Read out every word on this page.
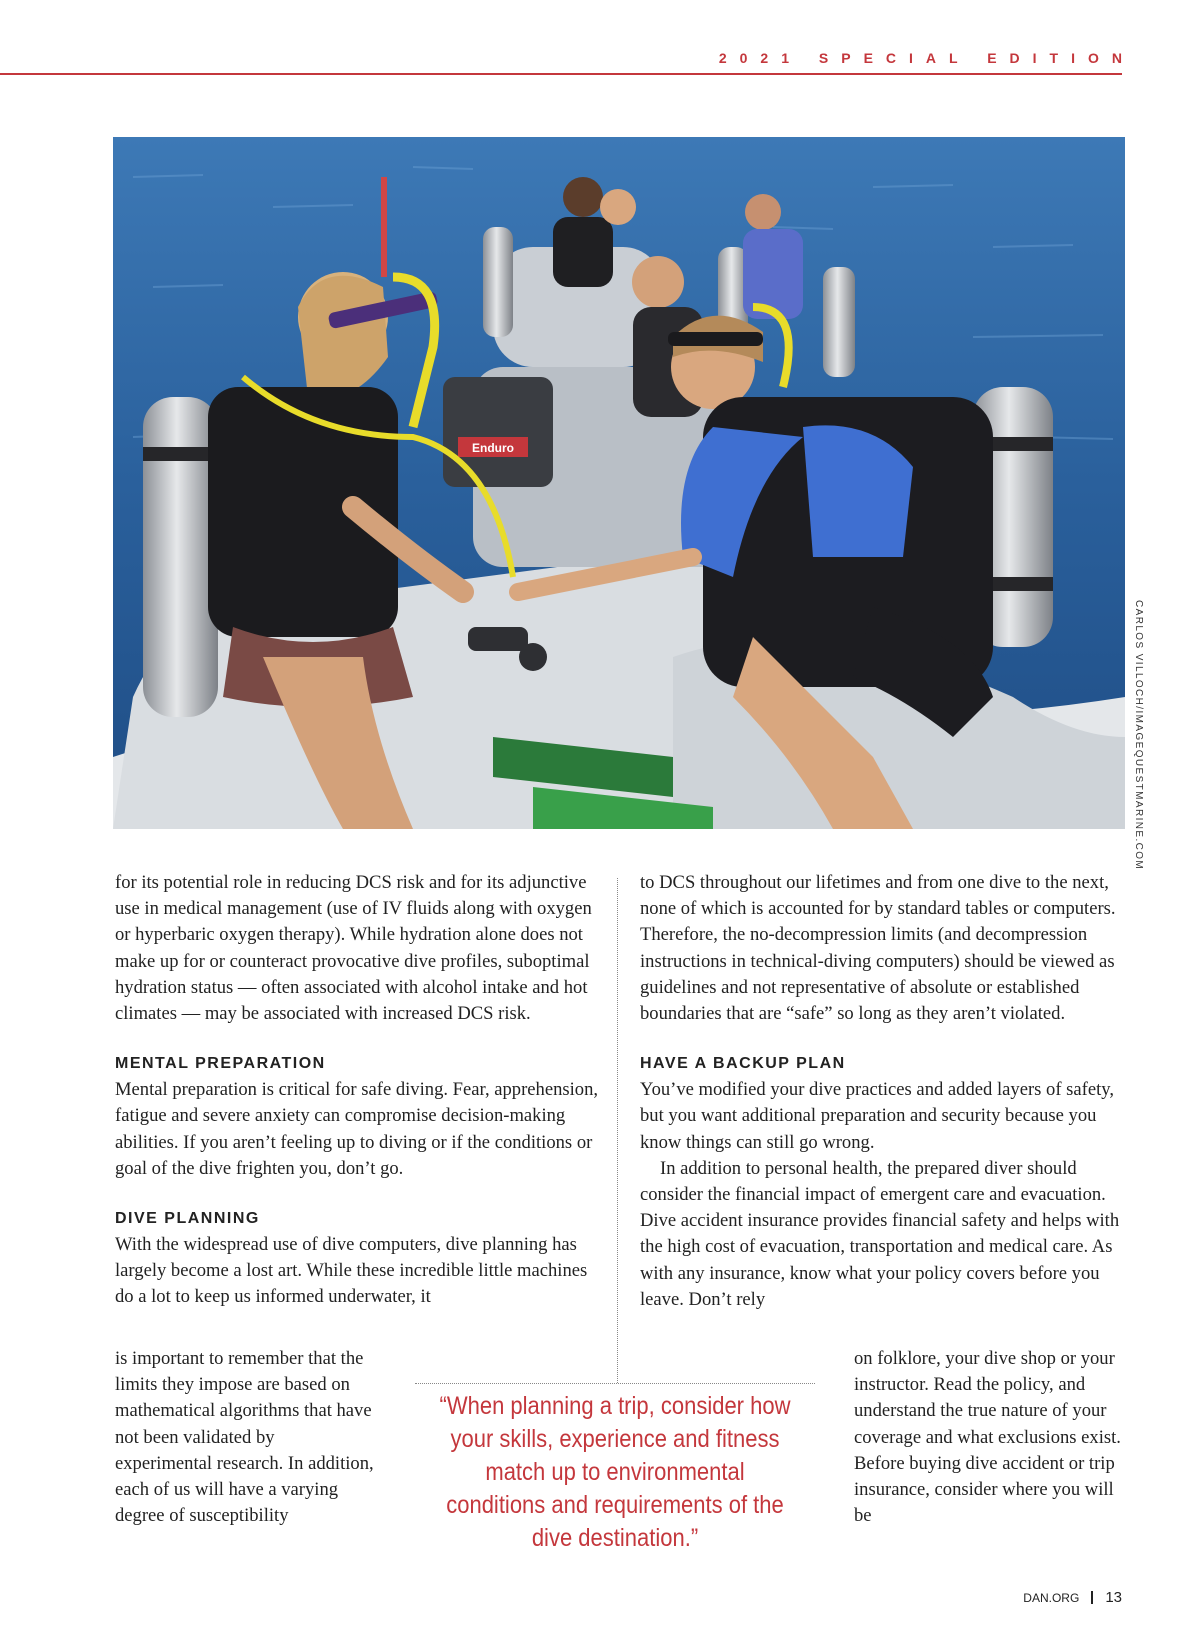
2021 SPECIAL EDITION
Enduro
CARLOS VILLOCH/IMAGEQUESTMARINE.COM

for its potential role in reducing DCS risk and for its adjunctive use in medical management (use of IV fluids along with oxygen or hyperbaric oxygen therapy). While hydration alone does not make up for or counteract provocative dive profiles, suboptimal hydration status — often associated with alcohol intake and hot climates — may be associated with increased DCS risk.

MENTAL PREPARATION

Mental preparation is critical for safe diving. Fear, apprehension, fatigue and severe anxiety can compromise decision-making abilities. If you aren’t feeling up to diving or if the conditions or goal of the dive frighten you, don’t go.

DIVE PLANNING

With the widespread use of dive computers, dive planning has largely become a lost art. While these incredible little machines do a lot to keep us informed underwater, it

is important to remember that the limits they impose are based on mathematical algorithms that have not been validated by experimental research. In addition, each of us will have a varying degree of susceptibility

to DCS throughout our lifetimes and from one dive to the next, none of which is accounted for by standard tables or computers. Therefore, the no-decompression limits (and decompression instructions in technical-diving computers) should be viewed as guidelines and not representative of absolute or established boundaries that are “safe” so long as they aren’t violated.

HAVE A BACKUP PLAN

You’ve modified your dive practices and added layers of safety, but you want additional preparation and security because you know things can still go wrong.

In addition to personal health, the prepared diver should consider the financial impact of emergent care and evacuation. Dive accident insurance provides financial safety and helps with the high cost of evacuation, transportation and medical care. As with any insurance, know what your policy covers before you leave. Don’t rely

on folklore, your dive shop or your instructor. Read the policy, and understand the true nature of your coverage and what exclusions exist. Before buying dive accident or trip insurance, consider where you will be
“When planning a trip, consider how your skills, experience and fitness match up to environmental conditions and requirements of the dive destination.”
DAN.ORG 13
